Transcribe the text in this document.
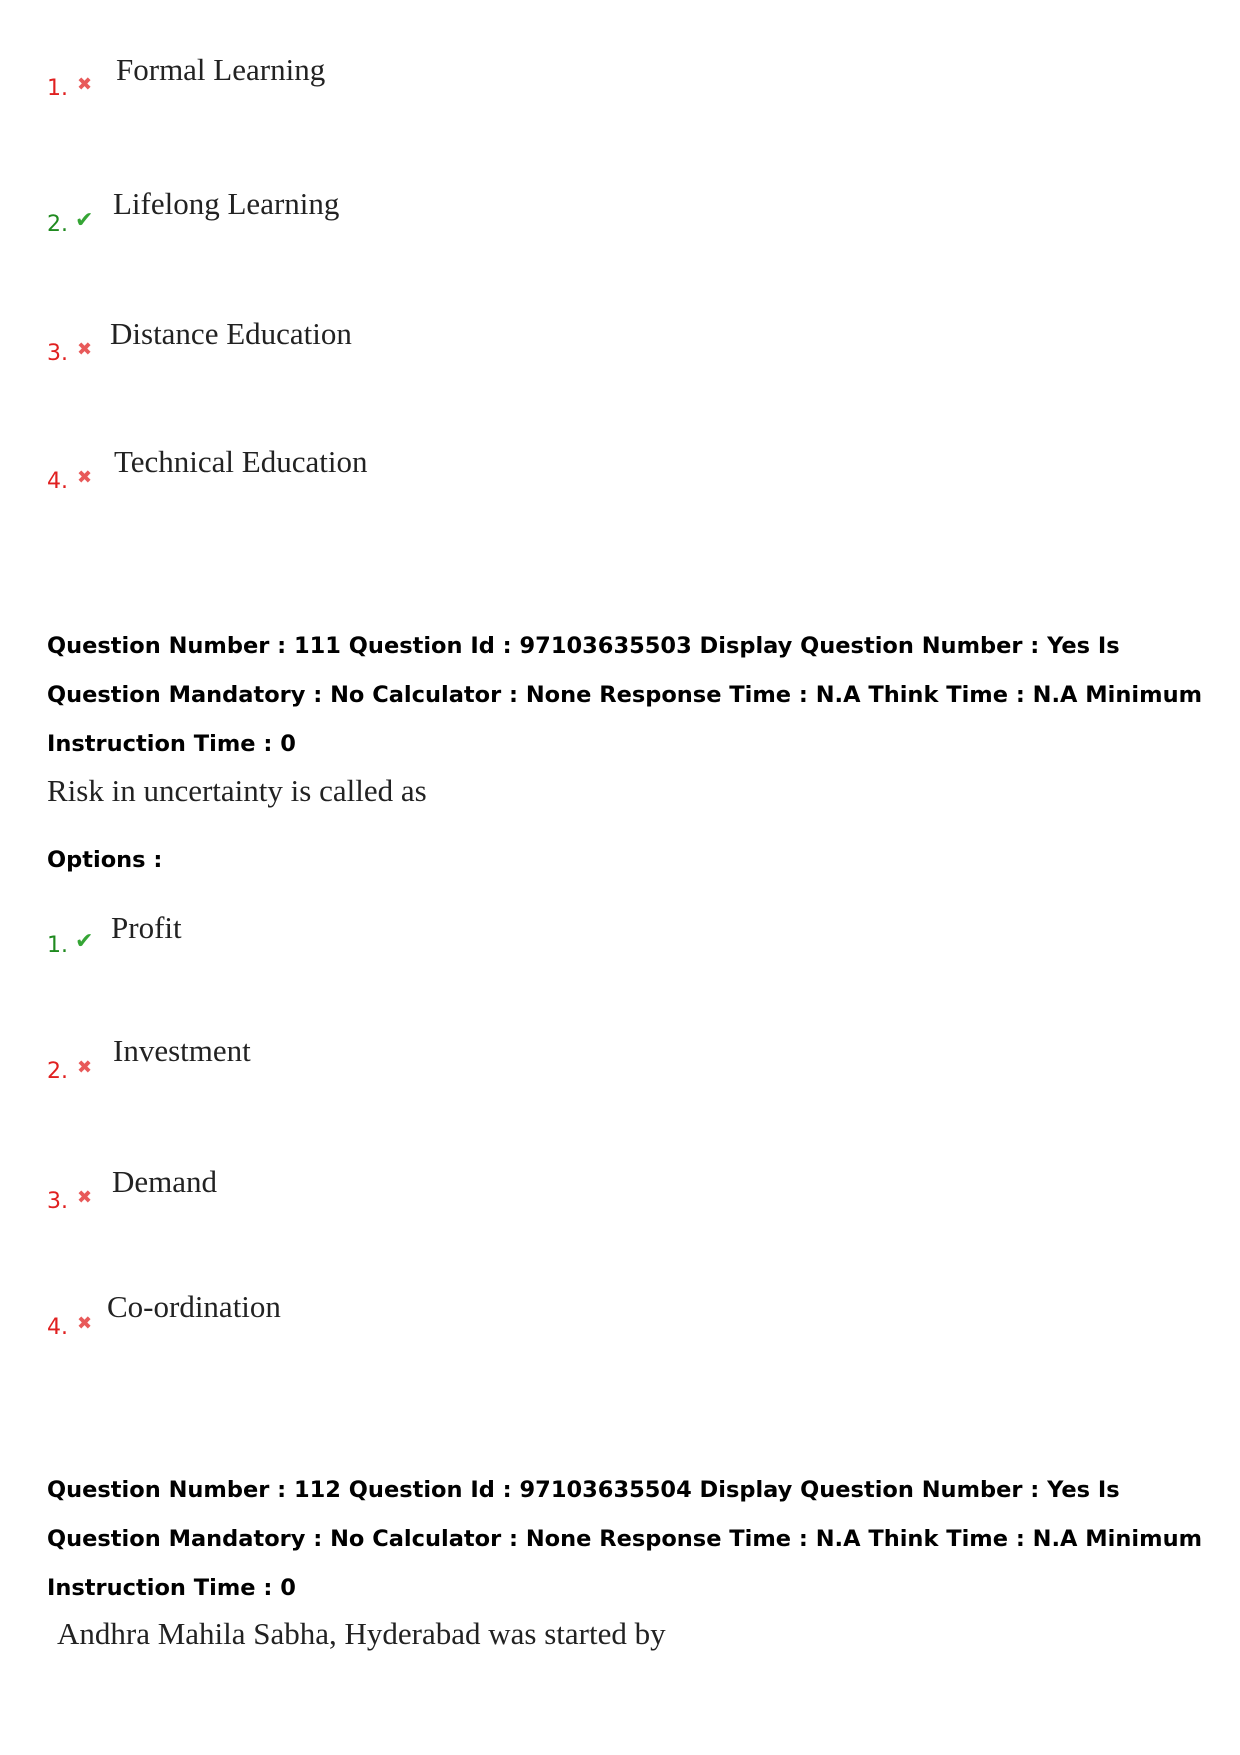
1. ✖ Formal Learning
2. ✔ Lifelong Learning
3. ✖ Distance Education
4. ✖ Technical Education
Question Number : 111 Question Id : 97103635503 Display Question Number : Yes Is Question Mandatory : No Calculator : None Response Time : N.A Think Time : N.A Minimum Instruction Time : 0
Risk in uncertainty is called as
Options :
1. ✔ Profit
2. ✖ Investment
3. ✖ Demand
4. ✖ Co-ordination
Question Number : 112 Question Id : 97103635504 Display Question Number : Yes Is Question Mandatory : No Calculator : None Response Time : N.A Think Time : N.A Minimum Instruction Time : 0
Andhra Mahila Sabha, Hyderabad was started by
